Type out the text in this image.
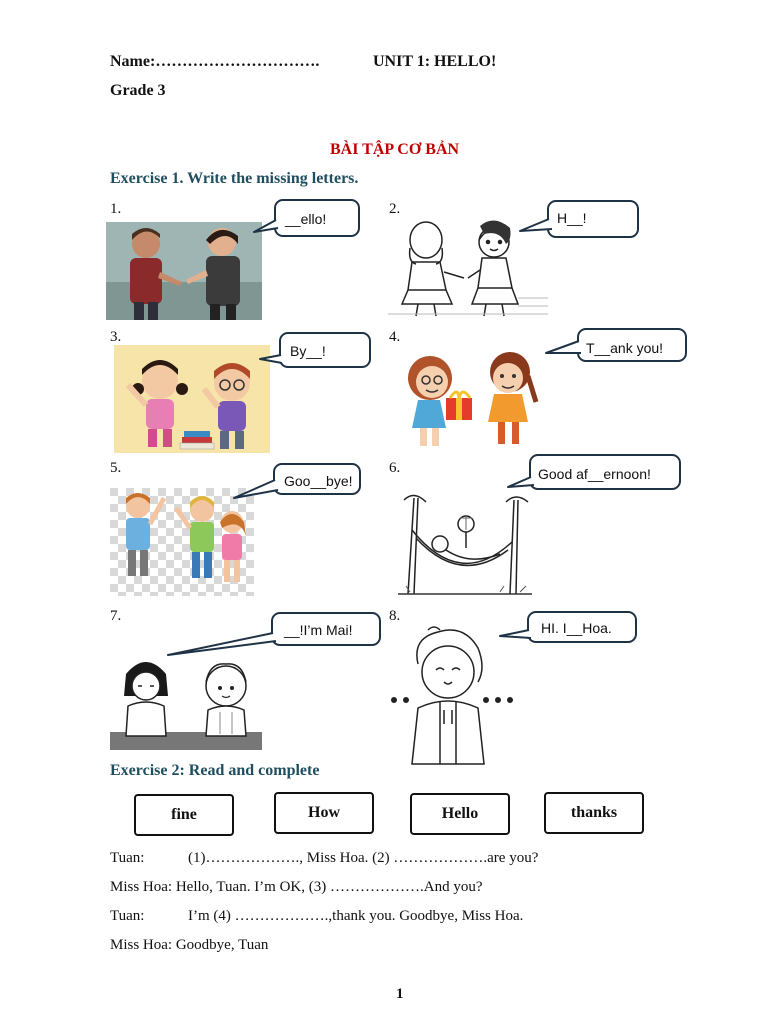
Name:………………………….	UNIT 1: HELLO!
Grade 3
BÀI TẬP CƠ BẢN
Exercise 1. Write the missing letters.
1.
__ello!
2.
H__!
3.
By__!
4.
T__ank you!
5.
Goo__bye!
6.	Good af__ernoon!
7.
__!I’m Mai!
8.
HI. I__Hoa.
Exercise 2: Read and complete
fine	How	Hello	thanks
Tuan:	(1)………………., Miss Hoa. (2) ……………….are you?
Miss Hoa: Hello, Tuan. I’m OK, (3) ……………….And you?
Tuan:	I’m (4) ……………….,thank you. Goodbye, Miss Hoa.
Miss Hoa: Goodbye, Tuan
1
